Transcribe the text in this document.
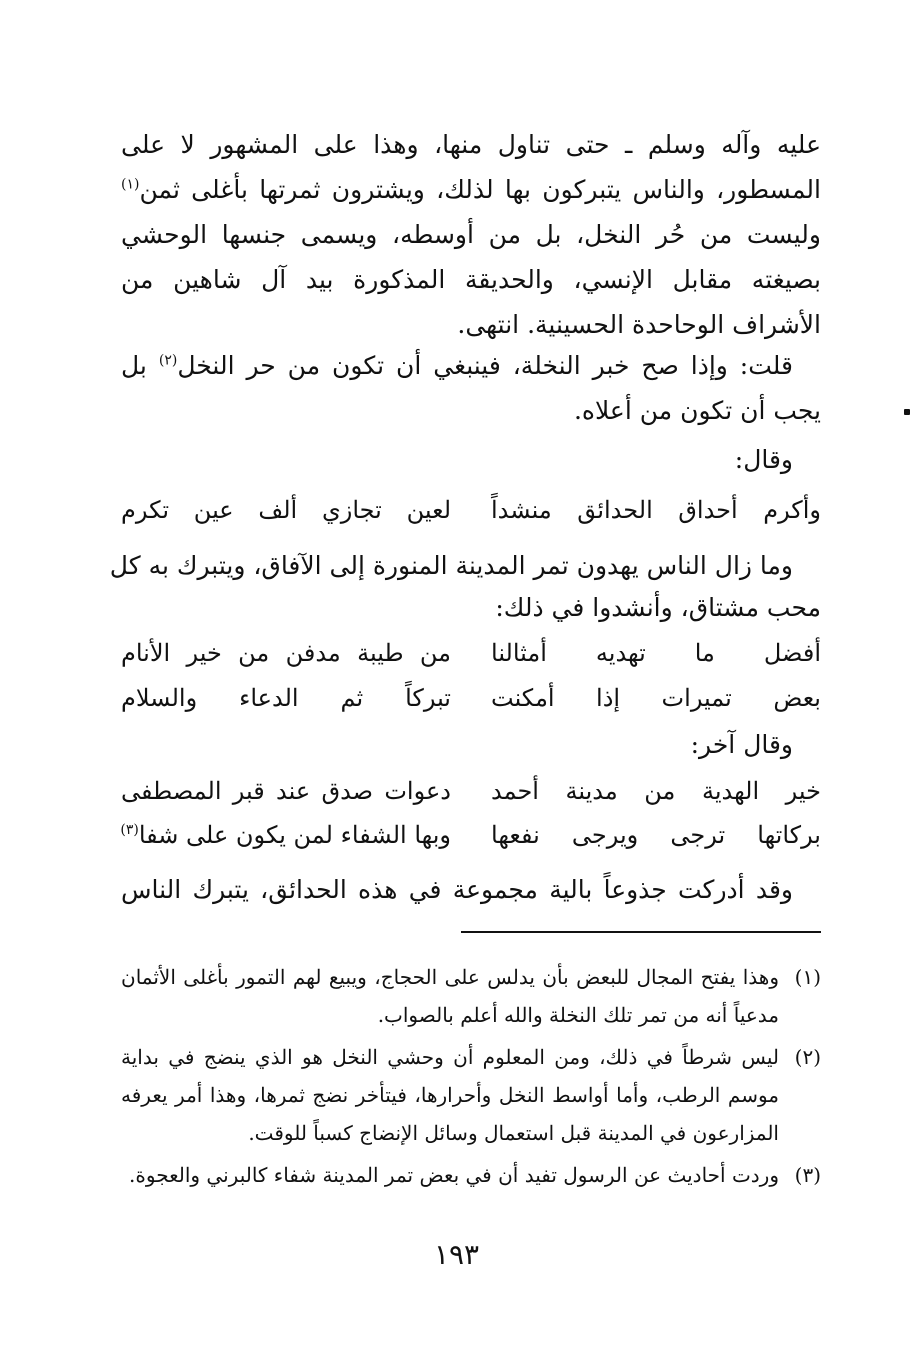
عليه وآله وسلم ـ حتى تناول منها، وهذا على المشهور لا على المسطور، والناس يتبركون بها لذلك، ويشترون ثمرتها بأغلى ثمن$^{(١)}$ وليست من حُر النخل، بل من أوسطه، ويسمى جنسها الوحشي بصيغته مقابل الإنسي، والحديقة المذكورة بيد آل شاهين من الأشراف الوحاحدة الحسينية. انتهى.
قلت: وإذا صح خبر النخلة، فينبغي أن تكون من حر النخل$^{(٢)}$ بل يجب أن تكون من أعلاه.
وقال:
وأكرم أحداق الحدائق منشداً
لعين تجازي ألف عين تكرم
وما زال الناس يهدون تمر المدينة المنورة إلى الآفاق، ويتبرك به كل
محب مشتاق، وأنشدوا في ذلك:
أفضل ما تهديه أمثالنا
من طيبة مدفن من خير الأنام
بعض تميرات إذا أمكنت
تبركاً ثم الدعاء والسلام
وقال آخر:
خير الهدية من مدينة أحمد
دعوات صدق عند قبر المصطفى
بركاتها ترجى ويرجى نفعها
وبها الشفاء لمن يكون على شفا$^{(٣)}$
وقد أدركت جذوعاً بالية مجموعة في هذه الحدائق، يتبرك الناس
(١)
وهذا يفتح المجال للبعض بأن يدلس على الحجاج، ويبيع لهم التمور بأغلى الأثمان مدعياً أنه من تمر تلك النخلة والله أعلم بالصواب.
(٢)
ليس شرطاً في ذلك، ومن المعلوم أن وحشي النخل هو الذي ينضج في بداية موسم الرطب، وأما أواسط النخل وأحرارها، فيتأخر نضج ثمرها، وهذا أمر يعرفه المزارعون في المدينة قبل استعمال وسائل الإنضاج كسباً للوقت.
(٣)
وردت أحاديث عن الرسول تفيد أن في بعض تمر المدينة شفاء كالبرني والعجوة.
١٩٣
